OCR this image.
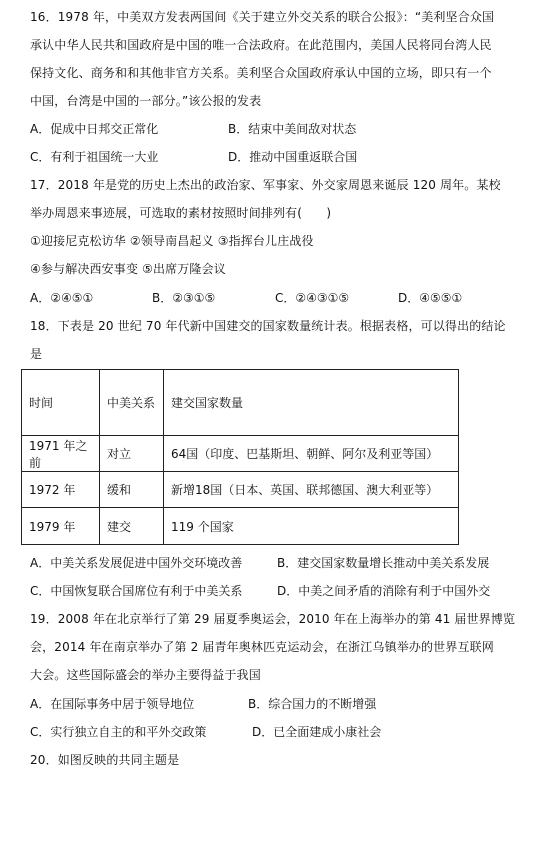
16．1978 年，中美双方发表两国间《关于建立外交关系的联合公报》：“美利坚合众国
承认中华人民共和国政府是中国的唯一合法政府。在此范围内，美国人民将同台湾人民
保持文化、商务和和其他非官方关系。美利坚合众国政府承认中国的立场，即只有一个
中国，台湾是中国的一部分。”该公报的发表
A．促成中日邦交正常化	B．结束中美间敌对状态
C．有利于祖国统一大业	D．推动中国重返联合国
17．2018 年是党的历史上杰出的政治家、军事家、外交家周恩来诞辰 120 周年。某校
举办周恩来事迹展，可选取的素材按照时间排列有(　　)
①迎接尼克松访华 ②领导南昌起义 ③指挥台儿庄战役
④参与解决西安事变 ⑤出席万隆会议
A．②④⑤①	B．②③①⑤	C．②④③①⑤	D．④⑤⑤①
18．下表是 20 世纪 70 年代新中国建交的国家数量统计表。根据表格，可以得出的结论
是
时间	中美关系	建交国家数量
1971 年之前	对立	64国（印度、巴基斯坦、朝鲜、阿尔及利亚等国）
1972 年	缓和	新增18国（日本、英国、联邦德国、澳大利亚等）
1979 年	建交	119 个国家
A．中美关系发展促进中国外交环境改善	B．建交国家数量增长推动中美关系发展
C．中国恢复联合国席位有利于中美关系	D．中美之间矛盾的消除有利于中国外交
19．2008 年在北京举行了第 29 届夏季奥运会，2010 年在上海举办的第 41 届世界博览
会，2014 年在南京举办了第 2 届青年奥林匹克运动会，在浙江乌镇举办的世界互联网
大会。这些国际盛会的举办主要得益于我国
A．在国际事务中居于领导地位	B．综合国力的不断增强
C．实行独立自主的和平外交政策	D．已全面建成小康社会
20．如图反映的共同主题是
